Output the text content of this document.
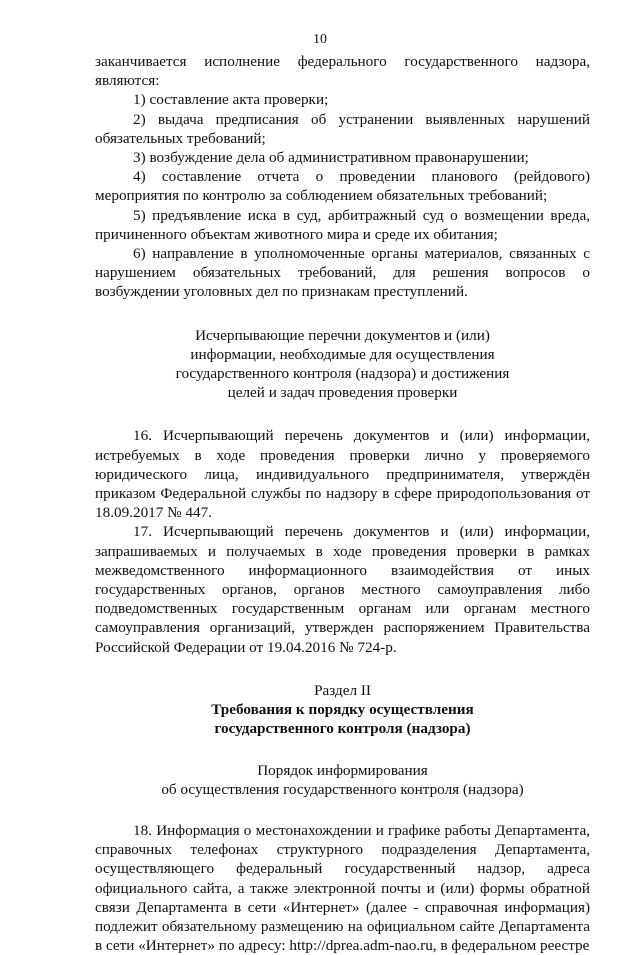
10

заканчивается исполнение федерального государственного надзора, являются:

1) составление акта проверки;

2) выдача предписания об устранении выявленных нарушений обязательных требований;

3) возбуждение дела об административном правонарушении;

4) составление отчета о проведении планового (рейдового) мероприятия по контролю за соблюдением обязательных требований;

5) предъявление иска в суд, арбитражный суд о возмещении вреда, причиненного объектам животного мира и среде их обитания;

6) направление в уполномоченные органы материалов, связанных с нарушением обязательных требований, для решения вопросов о возбуждении уголовных дел по признакам преступлений.

Исчерпывающие перечни документов и (или)

информации, необходимые для осуществления

государственного контроля (надзора) и достижения

целей и задач проведения проверки

16. Исчерпывающий перечень документов и (или) информации, истребуемых в ходе проведения проверки лично у проверяемого юридического лица, индивидуального предпринимателя, утверждён приказом Федеральной службы по надзору в сфере природопользования от 18.09.2017 № 447.

17. Исчерпывающий перечень документов и (или) информации, запрашиваемых и получаемых в ходе проведения проверки в рамках межведомственного информационного взаимодействия от иных государственных органов, органов местного самоуправления либо подведомственных государственным органам или органам местного самоуправления организаций, утвержден распоряжением Правительства Российской Федерации от 19.04.2016 № 724-р.

Раздел II

Требования к порядку осуществления

государственного контроля (надзора)

Порядок информирования

об осуществления государственного контроля (надзора)

18. Информация о местонахождении и графике работы Департамента, справочных телефонах структурного подразделения Департамента, осуществляющего федеральный государственный надзор, адреса официального сайта, а также электронной почты и (или) формы обратной связи Департамента в сети «Интернет» (далее - справочная информация) подлежит обязательному размещению на официальном сайте Департамента в сети «Интернет» по адресу: http://dprea.adm-nao.ru, в федеральном реестре
